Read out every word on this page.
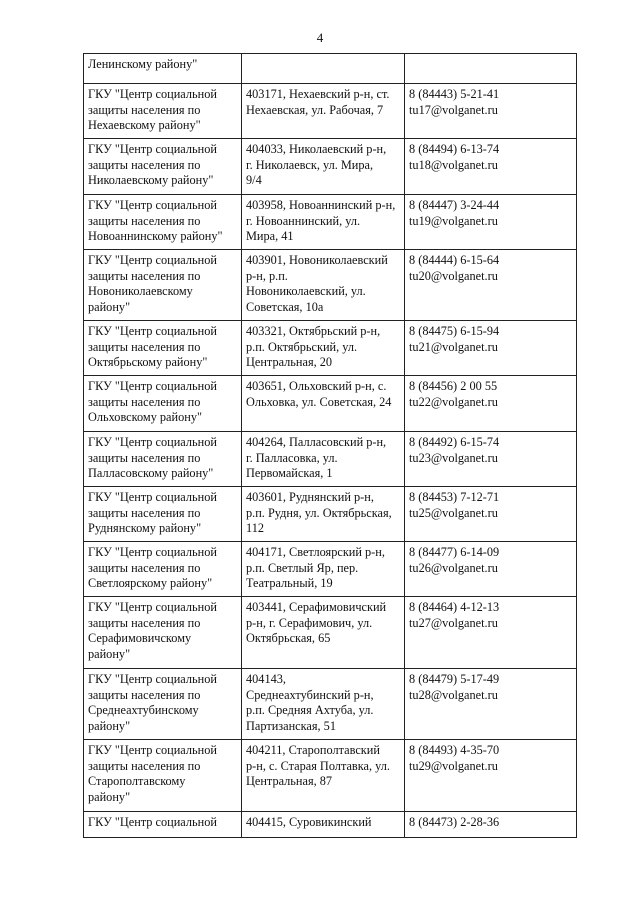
4
Ленинскому району"		

ГКУ "Центр социальной
защиты населения по
Нехаевскому району"	403171, Нехаевский р-н, ст.
Нехаевская, ул. Рабочая, 7	8 (84443) 5-21-41
tu17@volganet.ru

ГКУ "Центр социальной
защиты населения по
Николаевскому району"	404033, Николаевский р-н,
г. Николаевск, ул. Мира,
9/4	8 (84494) 6-13-74
tu18@volganet.ru

ГКУ "Центр социальной
защиты населения по
Новоаннинскому району"	403958, Новоаннинский р-н,
г. Новоаннинский, ул.
Мира, 41	8 (84447) 3-24-44
tu19@volganet.ru

ГКУ "Центр социальной
защиты населения по
Новониколаевскому
району"	403901, Новониколаевский
р-н, р.п.
Новониколаевский, ул.
Советская, 10а	8 (84444) 6-15-64
tu20@volganet.ru

ГКУ "Центр социальной
защиты населения по
Октябрьскому району"	403321, Октябрьский р-н,
р.п. Октябрьский, ул.
Центральная, 20	8 (84475) 6-15-94
tu21@volganet.ru

ГКУ "Центр социальной
защиты населения по
Ольховскому району"	403651, Ольховский р-н, с.
Ольховка, ул. Советская, 24	8 (84456) 2 00 55
tu22@volganet.ru

ГКУ "Центр социальной
защиты населения по
Палласовскому району"	404264, Палласовский р-н,
г. Палласовка, ул.
Первомайская, 1	8 (84492) 6-15-74
tu23@volganet.ru

ГКУ "Центр социальной
защиты населения по
Руднянскому району"	403601, Руднянский р-н,
р.п. Рудня, ул. Октябрьская,
112	8 (84453) 7-12-71
tu25@volganet.ru

ГКУ "Центр социальной
защиты населения по
Светлоярскому району"	404171, Светлоярский р-н,
р.п. Светлый Яр, пер.
Театральный, 19	8 (84477) 6-14-09
tu26@volganet.ru

ГКУ "Центр социальной
защиты населения по
Серафимовичскому
району"	403441, Серафимовичский
р-н, г. Серафимович, ул.
Октябрьская, 65	8 (84464) 4-12-13
tu27@volganet.ru

ГКУ "Центр социальной
защиты населения по
Среднеахтубинскому
району"	404143,
Среднеахтубинский р-н,
р.п. Средняя Ахтуба, ул.
Партизанская, 51	8 (84479) 5-17-49
tu28@volganet.ru

ГКУ "Центр социальной
защиты населения по
Старополтавскому
району"	404211, Старополтавский
р-н, с. Старая Полтавка, ул.
Центральная, 87	8 (84493) 4-35-70
tu29@volganet.ru

ГКУ "Центр социальной	404415, Суровикинский	8 (84473) 2-28-36
